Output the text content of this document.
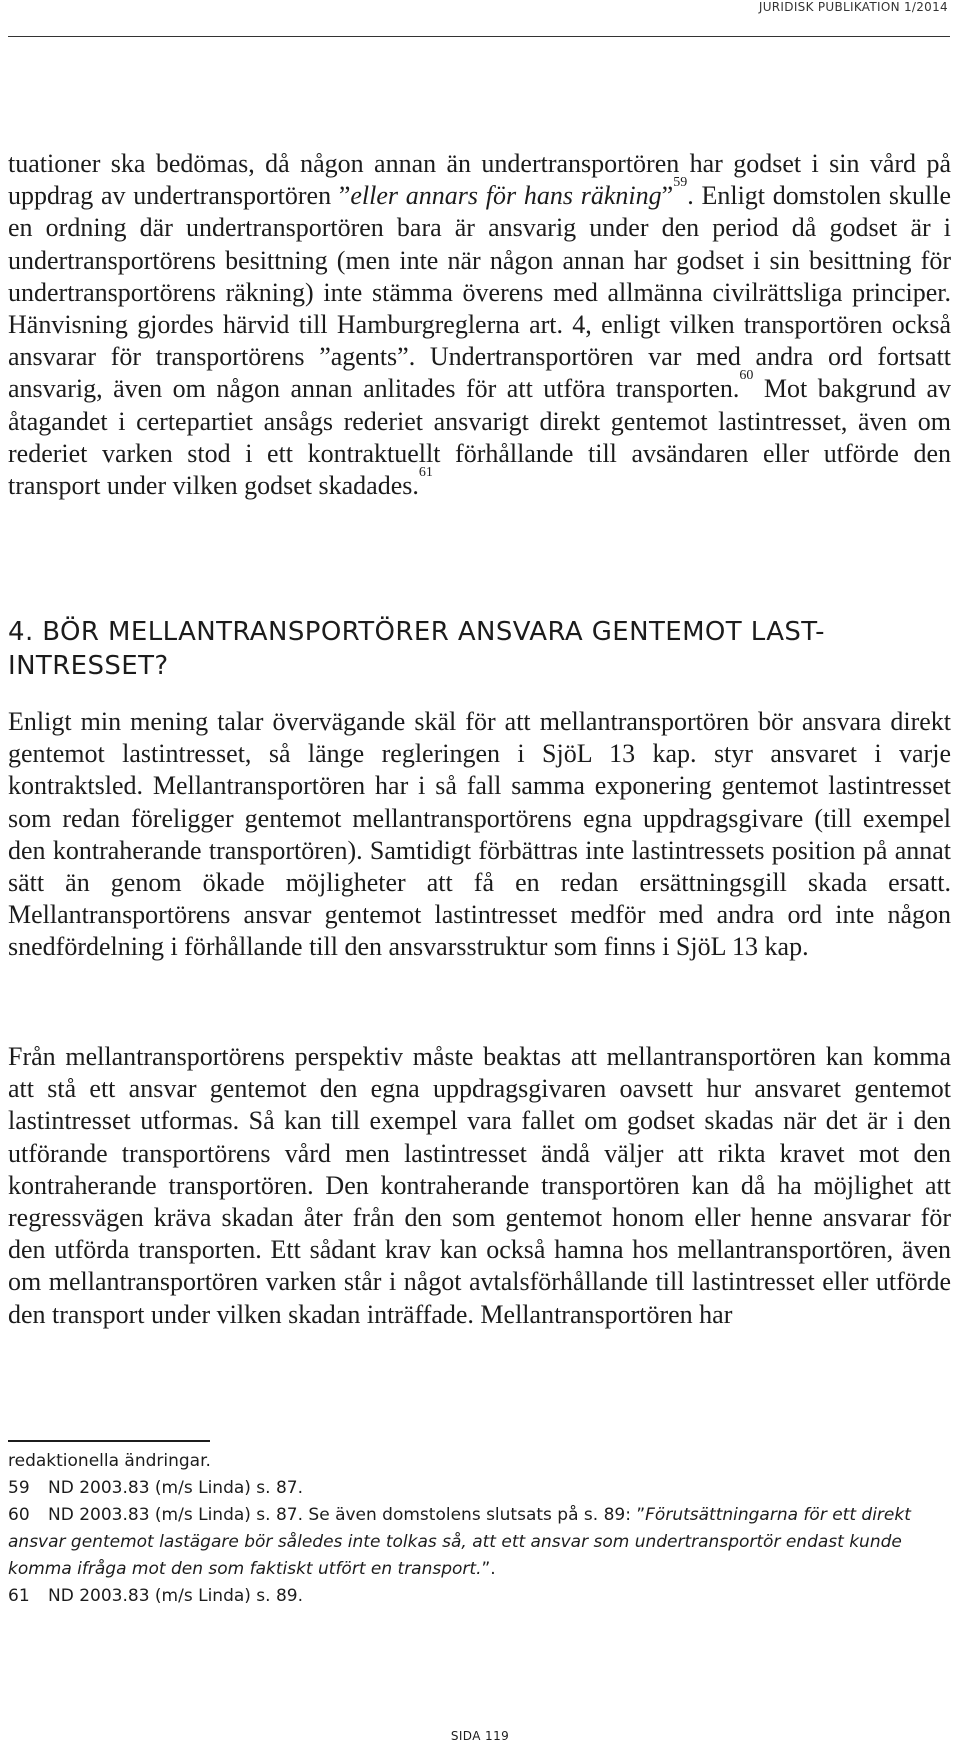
JURIDISK PUBLIKATION 1/2014

tuationer ska bedömas, då någon annan än undertransportören har godset i sin vård på uppdrag av undertransportören ”eller annars för hans räkning”$^{59}$. Enligt domstolen skulle en ordning där undertransportören bara är ansvarig under den period då godset är i undertransportörens besittning (men inte när någon annan har godset i sin besittning för undertransportörens räkning) inte stämma överens med allmänna civilrättsliga principer. Hänvisning gjordes härvid till Hamburgreglerna art. 4, enligt vilken transportören också ansvarar för transportörens ”agents”. Undertransportören var med andra ord fortsatt ansvarig, även om någon annan anlitades för att utföra transporten.$^{60}$ Mot bakgrund av åtagandet i certepartiet ansågs rederiet ansvarigt direkt gentemot lastintresset, även om rederiet varken stod i ett kontraktuellt förhållande till avsändaren eller utförde den transport under vilken godset skadades.$^{61}$

4. BÖR MELLANTRANSPORTÖRER ANSVARA GENTEMOT LAST-
INTRESSET?

Enligt min mening talar övervägande skäl för att mellantransportören bör ansvara direkt gentemot lastintresset, så länge regleringen i SjöL 13 kap. styr ansvaret i varje kontraktsled. Mellantransportören har i så fall samma exponering gentemot lastintresset som redan föreligger gentemot mellantransportörens egna uppdragsgivare (till exempel den kontraherande transportören). Samtidigt förbättras inte lastintressets position på annat sätt än genom ökade möjligheter att få en redan ersättningsgill skada ersatt. Mellantransportörens ansvar gentemot lastintresset medför med andra ord inte någon snedfördelning i förhållande till den ansvarsstruktur som finns i SjöL 13 kap.

Från mellantransportörens perspektiv måste beaktas att mellantransportören kan komma att stå ett ansvar gentemot den egna uppdragsgivaren oavsett hur ansvaret gentemot lastintresset utformas. Så kan till exempel vara fallet om godset skadas när det är i den utförande transportörens vård men lastintresset ändå väljer att rikta kravet mot den kontraherande transportören. Den kontraherande transportören kan då ha möjlighet att regressvägen kräva skadan åter från den som gentemot honom eller henne ansvarar för den utförda transporten. Ett sådant krav kan också hamna hos mellantransportören, även om mellantransportören varken står i något avtalsförhållande till lastintresset eller utförde den transport under vilken skadan inträffade. Mellantransportören har

redaktionella ändringar.

59 ND 2003.83 (m/s Linda) s. 87.

60 ND 2003.83 (m/s Linda) s. 87. Se även domstolens slutsats på s. 89: ”Förutsättningarna för ett direkt ansvar gentemot lastägare bör således inte tolkas så, att ett ansvar som undertransportör endast kunde komma ifråga mot den som faktiskt utfört en transport.”.

61 ND 2003.83 (m/s Linda) s. 89.

SIDA 119
